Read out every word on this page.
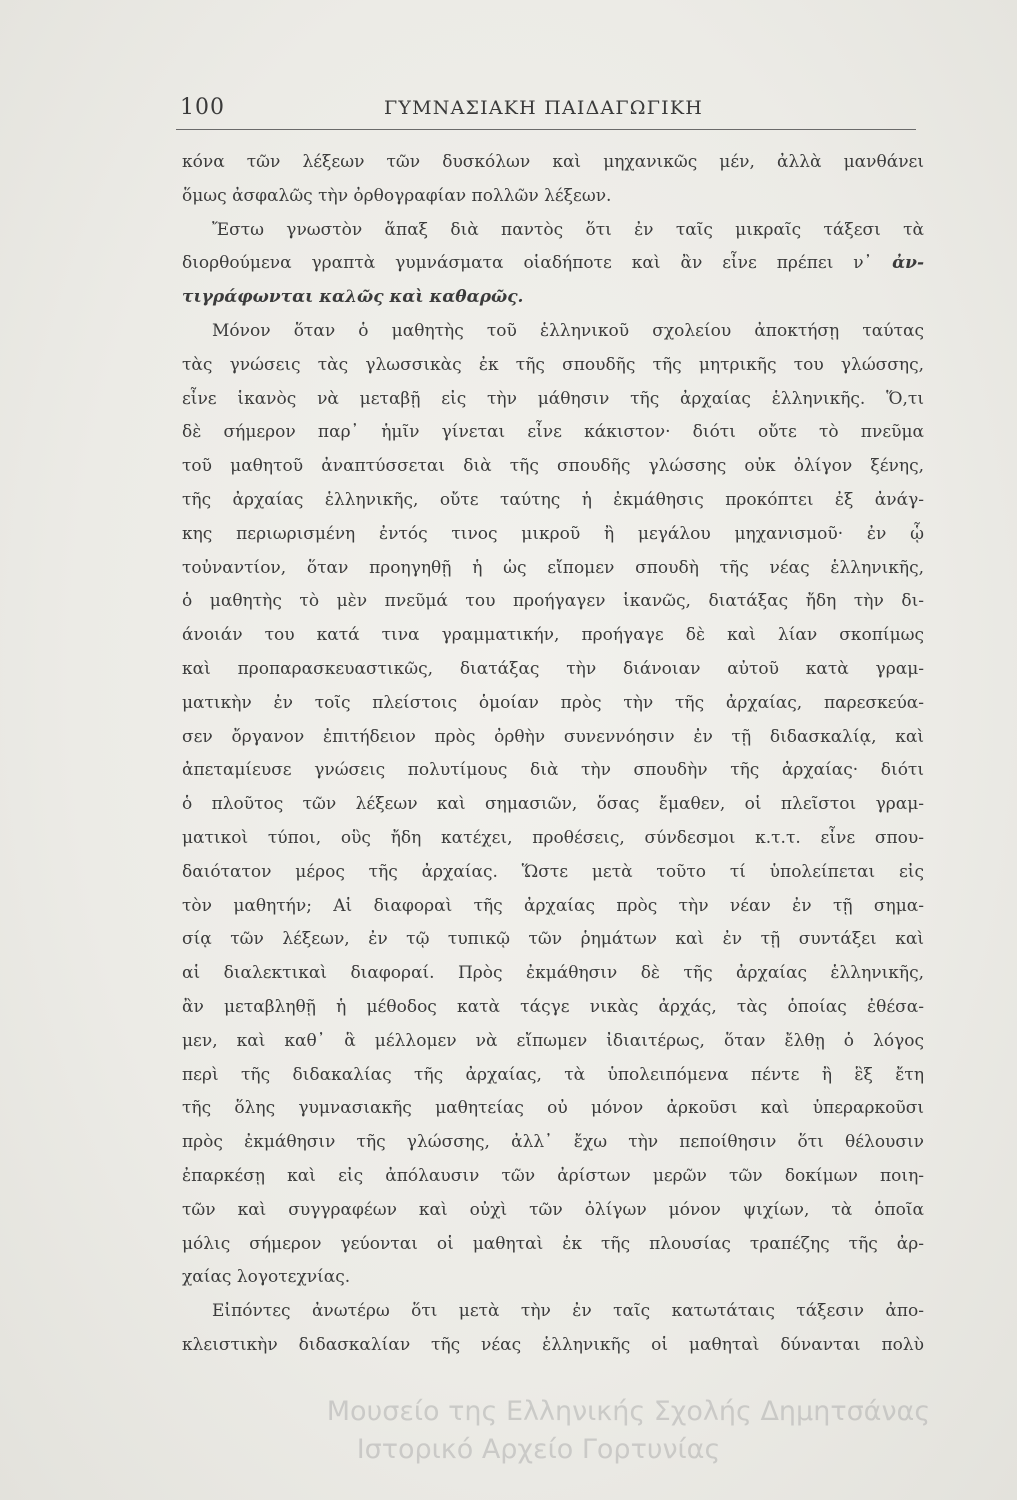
100	ΓΥΜΝΑΣΙΑΚΗ ΠΑΙΔΑΓΩΓΙΚΗ
κόνα τῶν λέξεων τῶν δυσκόλων καὶ μηχανικῶς μέν, ἀλλὰ μανθάνει
ὅμως ἀσφαλῶς τὴν ὀρθογραφίαν πολλῶν λέξεων.
Ἔστω γνωστὸν ἅπαξ διὰ παντὸς ὅτι ἐν ταῖς μικραῖς τάξεσι τὰ
διορθούμενα γραπτὰ γυμνάσματα οἱαδήποτε καὶ ἂν εἶνε πρέπει ν᾿ ἀν-
τιγράφωνται καλῶς καὶ καθαρῶς.
Μόνον ὅταν ὁ μαθητὴς τοῦ ἑλληνικοῦ σχολείου ἀποκτήσῃ ταύτας
τὰς γνώσεις τὰς γλωσσικὰς ἐκ τῆς σπουδῆς τῆς μητρικῆς του γλώσσης,
εἶνε ἱκανὸς νὰ μεταβῇ εἰς τὴν μάθησιν τῆς ἀρχαίας ἑλληνικῆς. Ὅ,τι
δὲ σήμερον παρ᾿ ἡμῖν γίνεται εἶνε κάκιστον· διότι οὔτε τὸ πνεῦμα
τοῦ μαθητοῦ ἀναπτύσσεται διὰ τῆς σπουδῆς γλώσσης οὐκ ὀλίγον ξένης,
τῆς ἀρχαίας ἑλληνικῆς, οὔτε ταύτης ἡ ἐκμάθησις προκόπτει ἐξ ἀνάγ-
κης περιωρισμένη ἐντός τινος μικροῦ ἢ μεγάλου μηχανισμοῦ· ἐν ᾧ
τοὐναντίον, ὅταν προηγηθῇ ἡ ὡς εἴπομεν σπουδὴ τῆς νέας ἑλληνικῆς,
ὁ μαθητὴς τὸ μὲν πνεῦμά του προήγαγεν ἱκανῶς, διατάξας ἤδη τὴν δι-
άνοιάν του κατά τινα γραμματικήν, προήγαγε δὲ καὶ λίαν σκοπίμως
καὶ προπαρασκευαστικῶς, διατάξας τὴν διάνοιαν αὐτοῦ κατὰ γραμ-
ματικὴν ἐν τοῖς πλείστοις ὁμοίαν πρὸς τὴν τῆς ἀρχαίας, παρεσκεύα-
σεν ὄργανον ἐπιτήδειον πρὸς ὀρθὴν συνεννόησιν ἐν τῇ διδασκαλίᾳ, καὶ
ἀπεταμίευσε γνώσεις πολυτίμους διὰ τὴν σπουδὴν τῆς ἀρχαίας· διότι
ὁ πλοῦτος τῶν λέξεων καὶ σημασιῶν, ὅσας ἔμαθεν, οἱ πλεῖστοι γραμ-
ματικοὶ τύποι, οὓς ἤδη κατέχει, προθέσεις, σύνδεσμοι κ.τ.τ. εἶνε σπου-
δαιότατον μέρος τῆς ἀρχαίας. Ὥστε μετὰ τοῦτο τί ὑπολείπεται εἰς
τὸν μαθητήν; Αἱ διαφοραὶ τῆς ἀρχαίας πρὸς τὴν νέαν ἐν τῇ σημα-
σίᾳ τῶν λέξεων, ἐν τῷ τυπικῷ τῶν ῥημάτων καὶ ἐν τῇ συντάξει καὶ
αἱ διαλεκτικαὶ διαφοραί. Πρὸς ἐκμάθησιν δὲ τῆς ἀρχαίας ἑλληνικῆς,
ἂν μεταβληθῇ ἡ μέθοδος κατὰ τάςγε νικὰς ἀρχάς, τὰς ὁποίας ἐθέσα-
μεν, καὶ καθ᾿ ἃ μέλλομεν νὰ εἴπωμεν ἰδιαιτέρως, ὅταν ἔλθῃ ὁ λόγος
περὶ τῆς διδακαλίας τῆς ἀρχαίας, τὰ ὑπολειπόμενα πέντε ἢ ἓξ ἔτη
τῆς ὅλης γυμνασιακῆς μαθητείας οὐ μόνον ἀρκοῦσι καὶ ὑπεραρκοῦσι
πρὸς ἐκμάθησιν τῆς γλώσσης, ἀλλ᾿ ἔχω τὴν πεποίθησιν ὅτι θέλουσιν
ἐπαρκέσῃ καὶ εἰς ἀπόλαυσιν τῶν ἀρίστων μερῶν τῶν δοκίμων ποιη-
τῶν καὶ συγγραφέων καὶ οὐχὶ τῶν ὀλίγων μόνον ψιχίων, τὰ ὁποῖα
μόλις σήμερον γεύονται οἱ μαθηταὶ ἐκ τῆς πλουσίας τραπέζης τῆς ἀρ-
χαίας λογοτεχνίας.
Εἰπόντες ἀνωτέρω ὅτι μετὰ τὴν ἐν ταῖς κατωτάταις τάξεσιν ἀπο-
κλειστικὴν διδασκαλίαν τῆς νέας ἑλληνικῆς οἱ μαθηταὶ δύνανται πολὺ
Μουσείο της Ελληνικής Σχολής Δημητσάνας
Ιστορικό Αρχείο Γορτυνίας
